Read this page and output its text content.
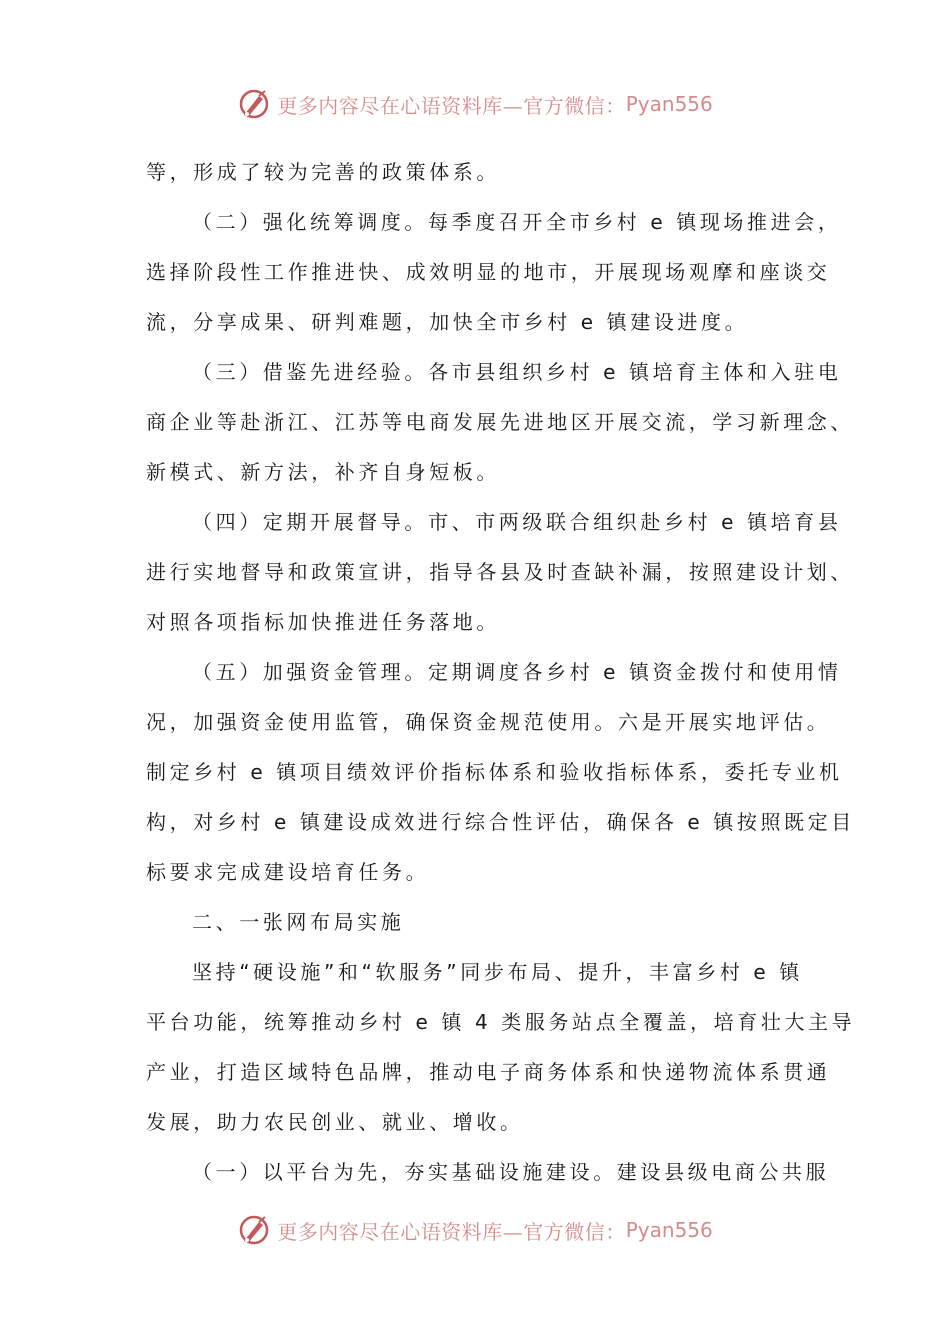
更多内容尽在心语资料库—官方微信： Pyan556
等，形成了较为完善的政策体系。
（二）强化统筹调度。每季度召开全市乡村 e 镇现场推进会，
选择阶段性工作推进快、成效明显的地市，开展现场观摩和座谈交
流，分享成果、研判难题，加快全市乡村 e 镇建设进度。
（三）借鉴先进经验。各市县组织乡村 e 镇培育主体和入驻电
商企业等赴浙江、江苏等电商发展先进地区开展交流，学习新理念、
新模式、新方法，补齐自身短板。
（四）定期开展督导。市、市两级联合组织赴乡村 e 镇培育县
进行实地督导和政策宣讲，指导各县及时查缺补漏，按照建设计划、
对照各项指标加快推进任务落地。
（五）加强资金管理。定期调度各乡村 e 镇资金拨付和使用情
况，加强资金使用监管，确保资金规范使用。六是开展实地评估。
制定乡村 e 镇项目绩效评价指标体系和验收指标体系，委托专业机
构，对乡村 e 镇建设成效进行综合性评估，确保各 e 镇按照既定目
标要求完成建设培育任务。
二、一张网布局实施
坚持“硬设施”和“软服务”同步布局、提升，丰富乡村 e 镇
平台功能，统筹推动乡村 e 镇 4 类服务站点全覆盖，培育壮大主导
产业，打造区域特色品牌，推动电子商务体系和快递物流体系贯通
发展，助力农民创业、就业、增收。
（一）以平台为先，夯实基础设施建设。建设县级电商公共服
更多内容尽在心语资料库—官方微信： Pyan556
